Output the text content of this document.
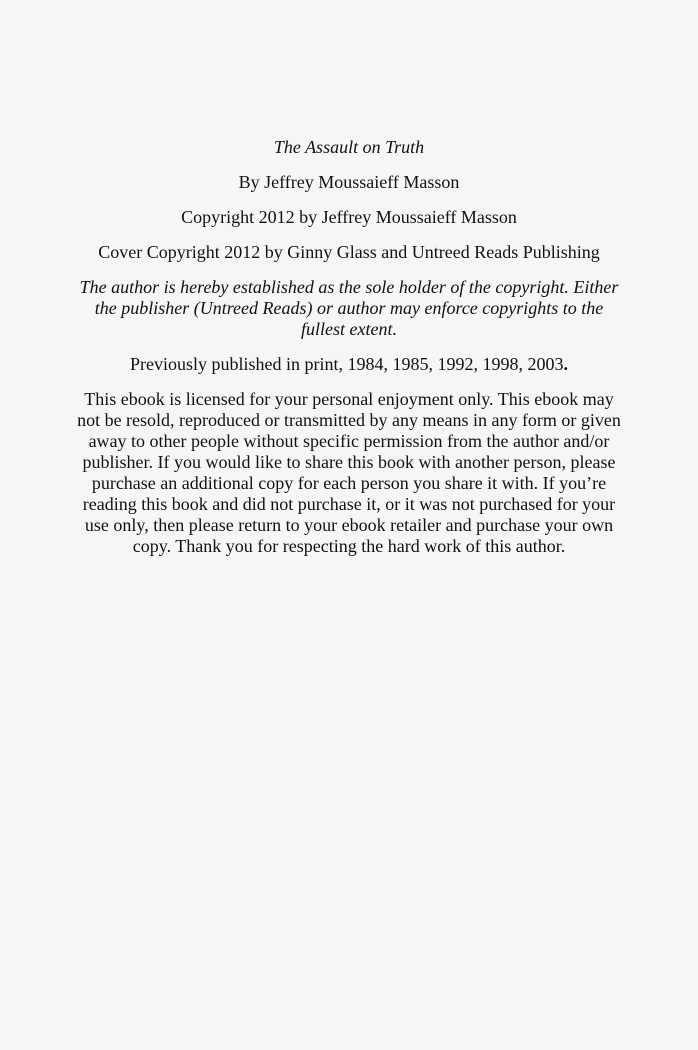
The Assault on Truth

By Jeffrey Moussaieff Masson

Copyright 2012 by Jeffrey Moussaieff Masson

Cover Copyright 2012 by Ginny Glass and Untreed Reads Publishing

The author is hereby established as the sole holder of the copyright. Either the publisher (Untreed Reads) or author may enforce copyrights to the fullest extent.

Previously published in print, 1984, 1985, 1992, 1998, 2003.

This ebook is licensed for your personal enjoyment only. This ebook may not be resold, reproduced or transmitted by any means in any form or given away to other people without specific permission from the author and/or publisher. If you would like to share this book with another person, please purchase an additional copy for each person you share it with. If you’re reading this book and did not purchase it, or it was not purchased for your use only, then please return to your ebook retailer and purchase your own copy. Thank you for respecting the hard work of this author.
